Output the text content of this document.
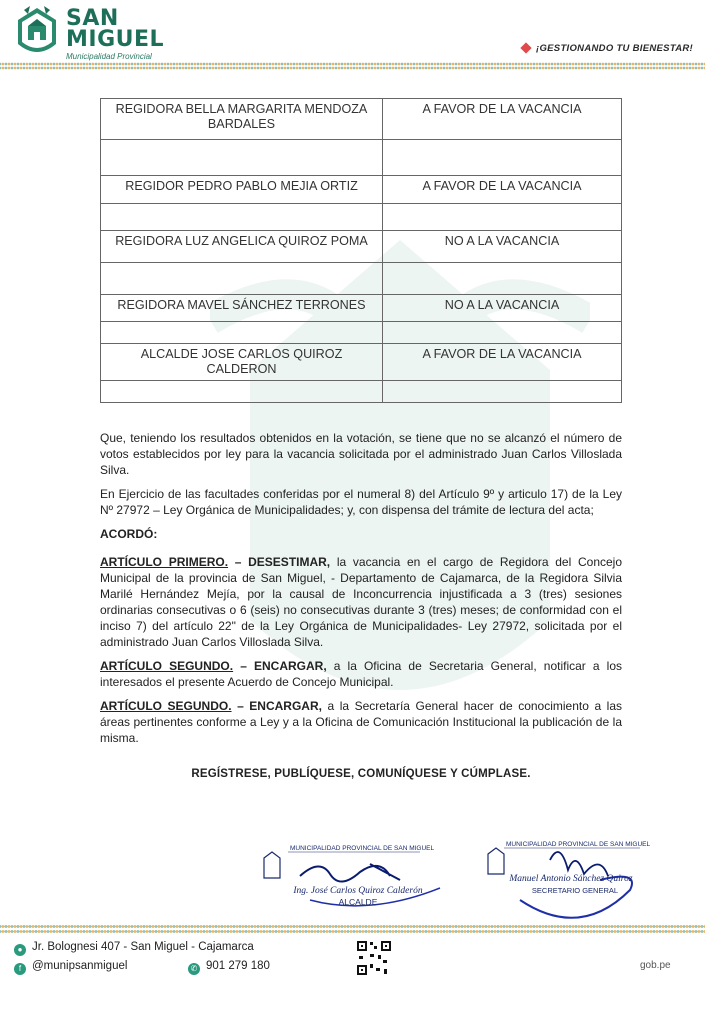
SAN
MIGUEL
Municipalidad Provincial
¡GESTIONANDO TU BIENESTAR!
REGIDORA BELLA MARGARITA MENDOZA BARDALES	A FAVOR DE LA VACANCIA

REGIDOR PEDRO PABLO MEJIA ORTIZ	A FAVOR DE LA VACANCIA

REGIDORA LUZ ANGELICA QUIROZ POMA	NO A LA VACANCIA

REGIDORA MAVEL SÁNCHEZ TERRONES	NO A LA VACANCIA

ALCALDE JOSE CARLOS QUIROZ CALDERON	A FAVOR DE LA VACANCIA

Que, teniendo los resultados obtenidos en la votación, se tiene que no se alcanzó el número de votos establecidos por ley para la vacancia solicitada por el administrado Juan Carlos Villoslada Silva.

En Ejercicio de las facultades conferidas por el numeral 8) del Artículo 9º y articulo 17) de la Ley Nº 27972 – Ley Orgánica de Municipalidades; y, con dispensa del trámite de lectura del acta;

ACORDÓ:

ARTÍCULO PRIMERO. – DESESTIMAR, la vacancia en el cargo de Regidora del Concejo Municipal de la provincia de San Miguel, - Departamento de Cajamarca, de la Regidora Silvia Marilé Hernández Mejía, por la causal de Inconcurrencia injustificada a 3 (tres) sesiones ordinarias consecutivas o 6 (seis) no consecutivas durante 3 (tres) meses; de conformidad con el inciso 7) del artículo 22" de la Ley Orgánica de Municipalidades- Ley 27972, solicitada por el administrado Juan Carlos Villoslada Silva.

ARTÍCULO SEGUNDO. – ENCARGAR, a la Oficina de Secretaria General, notificar a los interesados el presente Acuerdo de Concejo Municipal.

ARTÍCULO SEGUNDO. – ENCARGAR, a la Secretaría General hacer de conocimiento a las áreas pertinentes conforme a Ley y a la Oficina de Comunicación Institucional la publicación de la misma.

REGÍSTRESE, PUBLÍQUESE, COMUNÍQUESE Y CÚMPLASE.
MUNICIPALIDAD PROVINCIAL DE SAN MIGUEL
Ing. José Carlos Quiroz Calderón
ALCALDE
MUNICIPALIDAD PROVINCIAL DE SAN MIGUEL
Manuel Antonio Sánchez Quiroz
SECRETARIO GENERAL
● Jr. Bolognesi 407 - San Miguel - Cajamarca
f @munipsanmiguel	✆ 901 279 180	gob.pe
